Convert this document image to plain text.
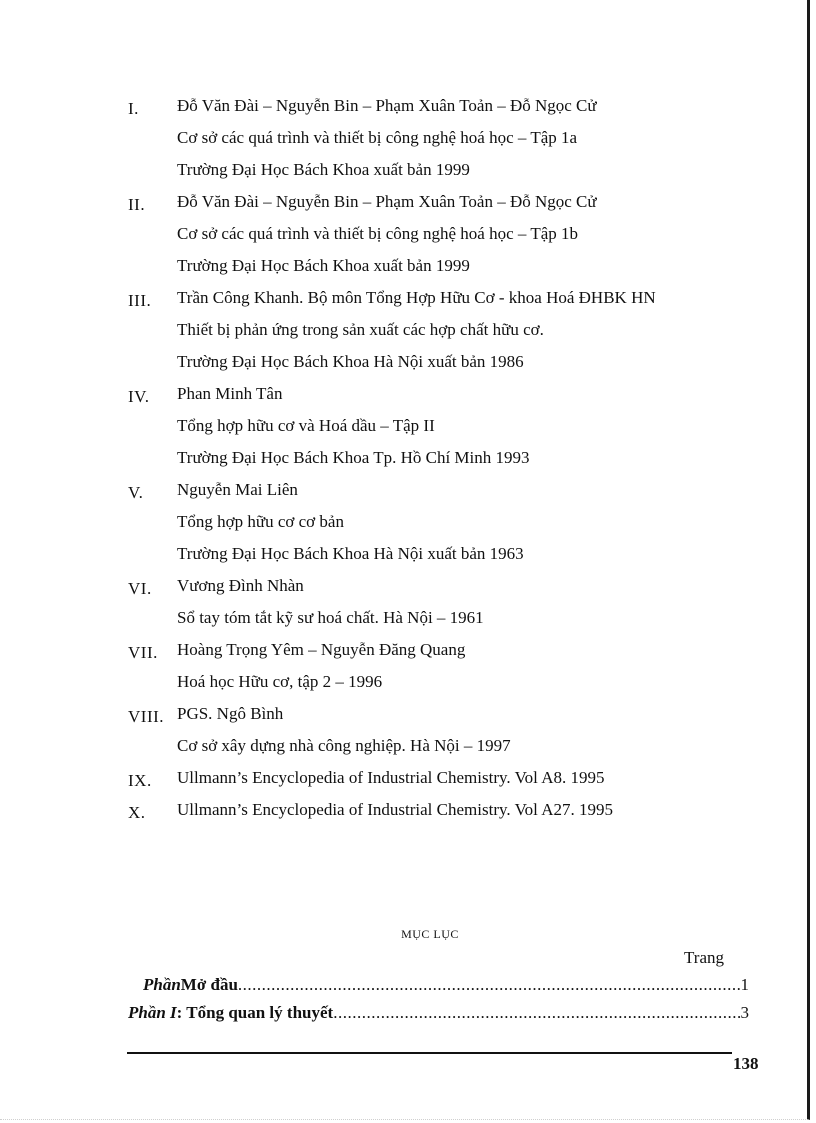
I. Đỗ Văn Đài – Nguyễn Bin – Phạm Xuân Toản – Đỗ Ngọc Cử
Cơ sở các quá trình và thiết bị công nghệ hoá học – Tập 1a
Trường Đại Học Bách Khoa xuất bản 1999
II. Đỗ Văn Đài – Nguyễn Bin – Phạm Xuân Toản – Đỗ Ngọc Cử
Cơ sở các quá trình và thiết bị công nghệ hoá học – Tập 1b
Trường Đại Học Bách Khoa xuất bản 1999
III. Trần Công Khanh. Bộ môn Tổng Hợp Hữu Cơ - khoa Hoá ĐHBK HN
Thiết bị phản ứng trong sản xuất các hợp chất hữu cơ.
Trường Đại Học Bách Khoa Hà Nội xuất bản 1986
IV. Phan Minh Tân
Tổng hợp hữu cơ và Hoá dầu – Tập II
Trường Đại Học Bách Khoa Tp. Hồ Chí Minh 1993
V. Nguyễn Mai Liên
Tổng hợp hữu cơ cơ bản
Trường Đại Học Bách Khoa Hà Nội xuất bản 1963
VI. Vương Đình Nhàn
Sổ tay tóm tắt kỹ sư hoá chất. Hà Nội – 1961
VII. Hoàng Trọng Yêm – Nguyễn Đăng Quang
Hoá học Hữu cơ, tập 2 – 1996
VIII. PGS. Ngô Bình
Cơ sở xây dựng nhà công nghiệp. Hà Nội – 1997
IX. Ullmann’s Encyclopedia of Industrial Chemistry. Vol A8. 1995
X. Ullmann’s Encyclopedia of Industrial Chemistry. Vol A27. 1995
MỤC LỤC
Trang
Phần Mở đầu .....	1
Phần I : Tổng quan lý thuyết .....	3
138
